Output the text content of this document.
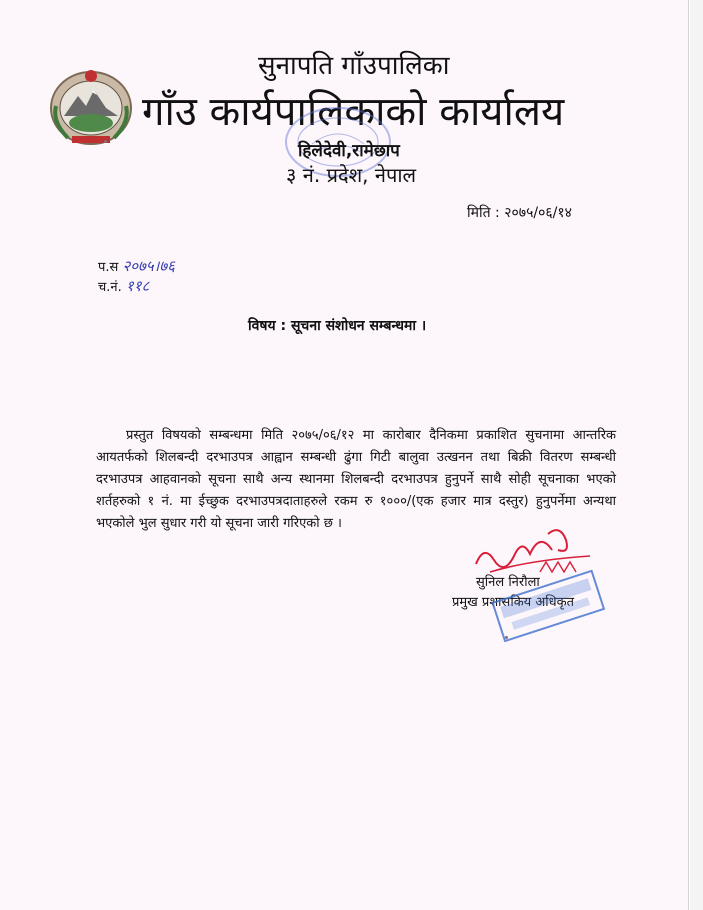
सुनापति गाँउपालिका
गाँउ कार्यपालिकाको कार्यालय
हिलेदेवी,रामेछाप
३ नं. प्रदेश, नेपाल
मिति : २०७५/०६/१४
प.स २०७५।७६
च.नं. ११८
विषय : सूचना संशोधन सम्बन्धमा ।
प्रस्तुत विषयको सम्बन्धमा मिति २०७५/०६/१२ मा कारोबार दैनिकमा प्रकाशित सुचनामा आन्तरिक आयतर्फको शिलबन्दी दरभाउपत्र आह्वान सम्बन्धी ढुंगा गिटी बालुवा उत्खनन तथा बिक्री वितरण सम्बन्धी दरभाउपत्र आहवानको सूचना साथै अन्य स्थानमा शिलबन्दी दरभाउपत्र हुनुपर्ने साथै सोही सूचनाका भएको शर्तहरुको १ नं. मा ईच्छुक दरभाउपत्रदाताहरुले रकम रु १०००/(एक हजार मात्र दस्तुर) हुनुपर्नेमा अन्यथा भएकोले भुल सुधार गरी यो सूचना जारी गरिएको छ ।
सुनिल निरौला
प्रमुख प्रशासकिय अधिकृत
